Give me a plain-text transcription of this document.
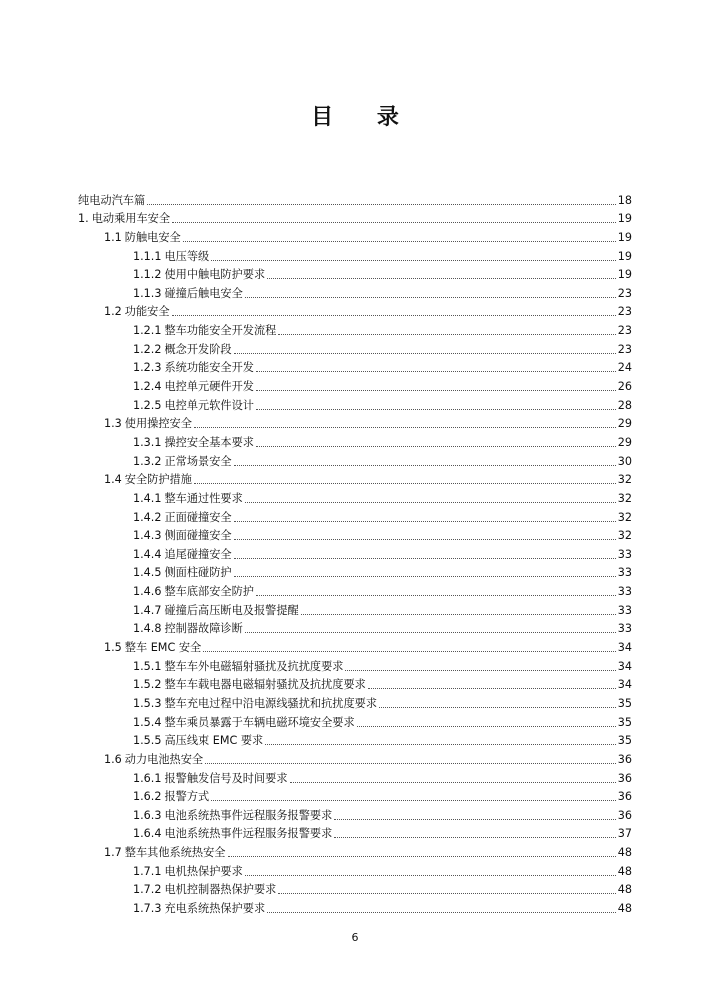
目 录
纯电动汽车篇	18
1. 电动乘用车安全	19
1.1 防触电安全	19
1.1.1 电压等级	19
1.1.2 使用中触电防护要求	19
1.1.3 碰撞后触电安全	23
1.2 功能安全	23
1.2.1 整车功能安全开发流程	23
1.2.2 概念开发阶段	23
1.2.3 系统功能安全开发	24
1.2.4 电控单元硬件开发	26
1.2.5 电控单元软件设计	28
1.3 使用操控安全	29
1.3.1 操控安全基本要求	29
1.3.2 正常场景安全	30
1.4 安全防护措施	32
1.4.1 整车通过性要求	32
1.4.2 正面碰撞安全	32
1.4.3 侧面碰撞安全	32
1.4.4 追尾碰撞安全	33
1.4.5 侧面柱碰防护	33
1.4.6 整车底部安全防护	33
1.4.7 碰撞后高压断电及报警提醒	33
1.4.8 控制器故障诊断	33
1.5 整车 EMC 安全	34
1.5.1 整车车外电磁辐射骚扰及抗扰度要求	34
1.5.2 整车车载电器电磁辐射骚扰及抗扰度要求	34
1.5.3 整车充电过程中沿电源线骚扰和抗扰度要求	35
1.5.4 整车乘员暴露于车辆电磁环境安全要求	35
1.5.5 高压线束 EMC 要求	35
1.6 动力电池热安全	36
1.6.1 报警触发信号及时间要求	36
1.6.2 报警方式	36
1.6.3 电池系统热事件远程服务报警要求	36
1.6.4 电池系统热事件远程服务报警要求	37
1.7 整车其他系统热安全	48
1.7.1 电机热保护要求	48
1.7.2 电机控制器热保护要求	48
1.7.3 充电系统热保护要求	48
6
